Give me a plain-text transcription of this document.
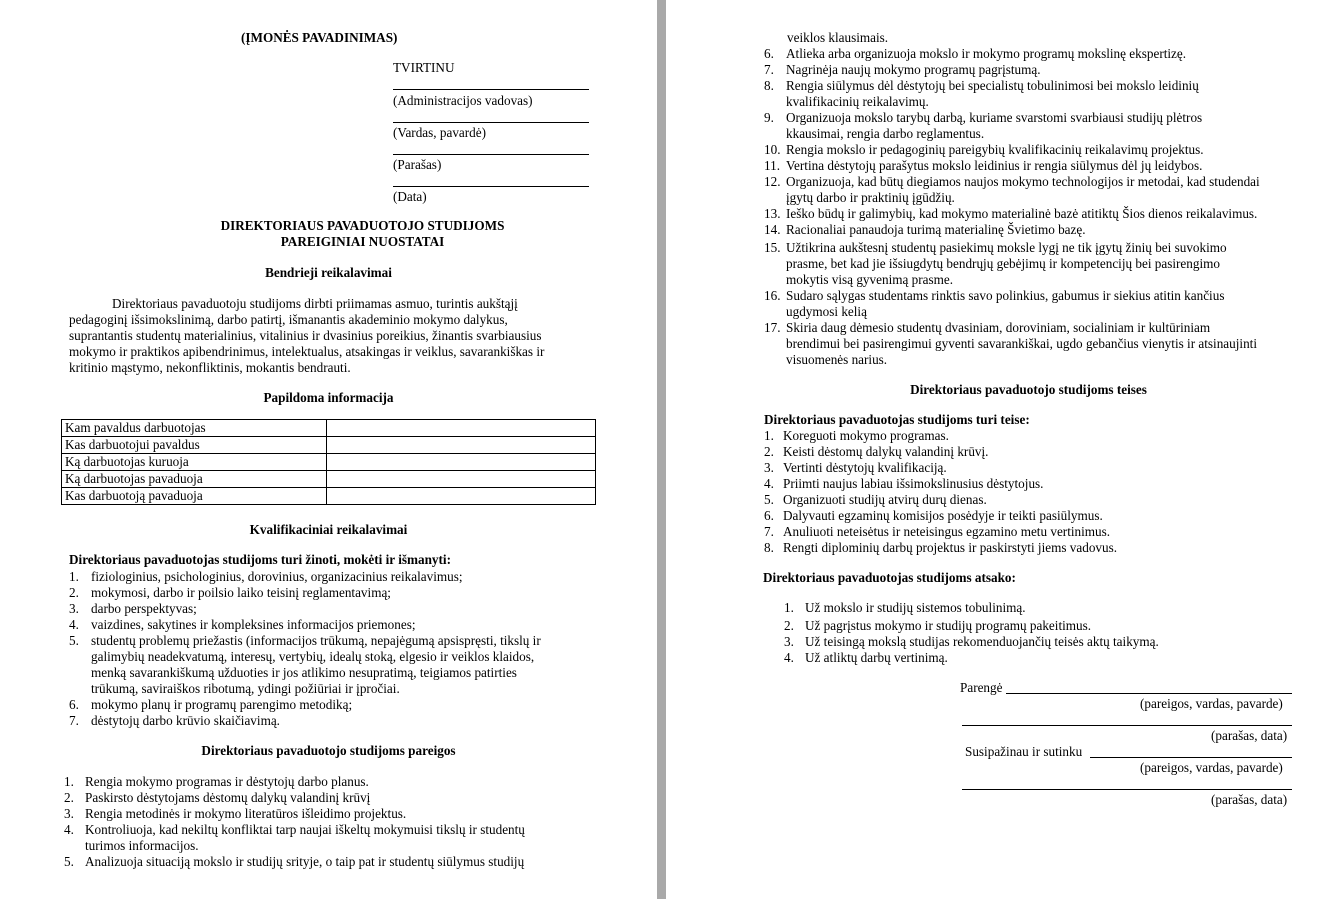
(ĮMONĖS PAVADINIMAS)
TVIRTINU
(Administracijos vadovas)
(Vardas, pavardė)
(Parašas)
(Data)
DIREKTORIAUS PAVADUOTOJO STUDIJOMS
PAREIGINIAI NUOSTATAI
Bendrieji reikalavimai
Direktoriaus pavaduotoju studijoms dirbti priimamas asmuo, turintis aukštąjį
pedagoginį išsimokslinimą, darbo patirtį, išmanantis akademinio mokymo dalykus,
suprantantis studentų materialinius, vitalinius ir dvasinius poreikius, žinantis svarbiausius
mokymo ir praktikos apibendrinimus, intelektualus, atsakingas ir veiklus, savarankiškas ir
kritinio mąstymo, nekonfliktinis, mokantis bendrauti.
Papildoma informacija
Kam pavaldus darbuotojas	
Kas darbuotojui pavaldus	
Ką darbuotojas kuruoja	
Ką darbuotojas pavaduoja	
Kas darbuotoją pavaduoja	
Kvalifikaciniai reikalavimai
Direktoriaus pavaduotojas studijoms turi žinoti, mokėti ir išmanyti:
1. fiziologinius, psichologinius, dorovinius, organizacinius reikalavimus;
2. mokymosi, darbo ir poilsio laiko teisinį reglamentavimą;
3. darbo perspektyvas;
4. vaizdines, sakytines ir kompleksines informacijos priemones;
5. studentų problemų priežastis (informacijos trūkumą, nepajėgumą apsispręsti, tikslų ir
galimybių neadekvatumą, interesų, vertybių, idealų stoką, elgesio ir veiklos klaidos,
menką savarankiškumą užduoties ir jos atlikimo nesupratimą, teigiamos patirties
trūkumą, saviraiškos ribotumą, ydingi požiūriai ir įpročiai.
6. mokymo planų ir programų parengimo metodiką;
7. dėstytojų darbo krūvio skaičiavimą.
Direktoriaus pavaduotojo studijoms pareigos
1. Rengia mokymo programas ir dėstytojų darbo planus.
2. Paskirsto dėstytojams dėstomų dalykų valandinį krūvį
3. Rengia metodinės ir mokymo literatūros išleidimo projektus.
4. Kontroliuoja, kad nekiltų konfliktai tarp naujai iškeltų mokymuisi tikslų ir studentų
turimos informacijos.
5. Analizuoja situaciją mokslo ir studijų srityje, o taip pat ir studentų siūlymus studijų
veiklos klausimais.
6. Atlieka arba organizuoja mokslo ir mokymo programų mokslinę ekspertizę.
7. Nagrinėja naujų mokymo programų pagrįstumą.
8. Rengia siūlymus dėl dėstytojų bei specialistų tobulinimosi bei mokslo leidinių
kvalifikacinių reikalavimų.
9. Organizuoja mokslo tarybų darbą, kuriame svarstomi svarbiausi studijų plėtros
kkausimai, rengia darbo reglamentus.
10. Rengia mokslo ir pedagoginių pareigybių kvalifikacinių reikalavimų projektus.
11. Vertina dėstytojų parašytus mokslo leidinius ir rengia siūlymus dėl jų leidybos.
12. Organizuoja, kad būtų diegiamos naujos mokymo technologijos ir metodai, kad studendai
įgytų darbo ir praktinių įgūdžių.
13. Ieško būdų ir galimybių, kad mokymo materialinė bazė atitiktų Šios dienos reikalavimus.
14. Racionaliai panaudoja turimą materialinę Švietimo bazę.
15. Užtikrina aukštesnį studentų pasiekimų moksle lygį ne tik įgytų žinių bei suvokimo
prasme, bet kad jie išsiugdytų bendrųjų gebėjimų ir kompetencijų bei pasirengimo
mokytis visą gyvenimą prasme.
16. Sudaro sąlygas studentams rinktis savo polinkius, gabumus ir siekius atitin kančius
ugdymosi kelią
17. Skiria daug dėmesio studentų dvasiniam, doroviniam, socialiniam ir kultūriniam
brendimui bei pasirengimui gyventi savarankiškai, ugdo gebančius vienytis ir atsinaujinti
visuomenės narius.
Direktoriaus pavaduotojo studijoms teises
Direktoriaus pavaduotojas studijoms turi teise:
1. Koreguoti mokymo programas.
2. Keisti dėstomų dalykų valandinį krūvį.
3. Vertinti dėstytojų kvalifikaciją.
4. Priimti naujus labiau išsimokslinusius dėstytojus.
5. Organizuoti studijų atvirų durų dienas.
6. Dalyvauti egzaminų komisijos posėdyje ir teikti pasiūlymus.
7. Anuliuoti neteisėtus ir neteisingus egzamino metu vertinimus.
8. Rengti diplominių darbų projektus ir paskirstyti jiems vadovus.
Direktoriaus pavaduotojas studijoms atsako:
1. Už mokslo ir studijų sistemos tobulinimą.
2. Už pagrįstus mokymo ir studijų programų pakeitimus.
3. Už teisingą mokslą studijas rekomenduojančių teisės aktų taikymą.
4. Už atliktų darbų vertinimą.
Parengė
(pareigos, vardas, pavarde)
(parašas, data)
Susipažinau ir sutinku
(pareigos, vardas, pavarde)
(parašas, data)
